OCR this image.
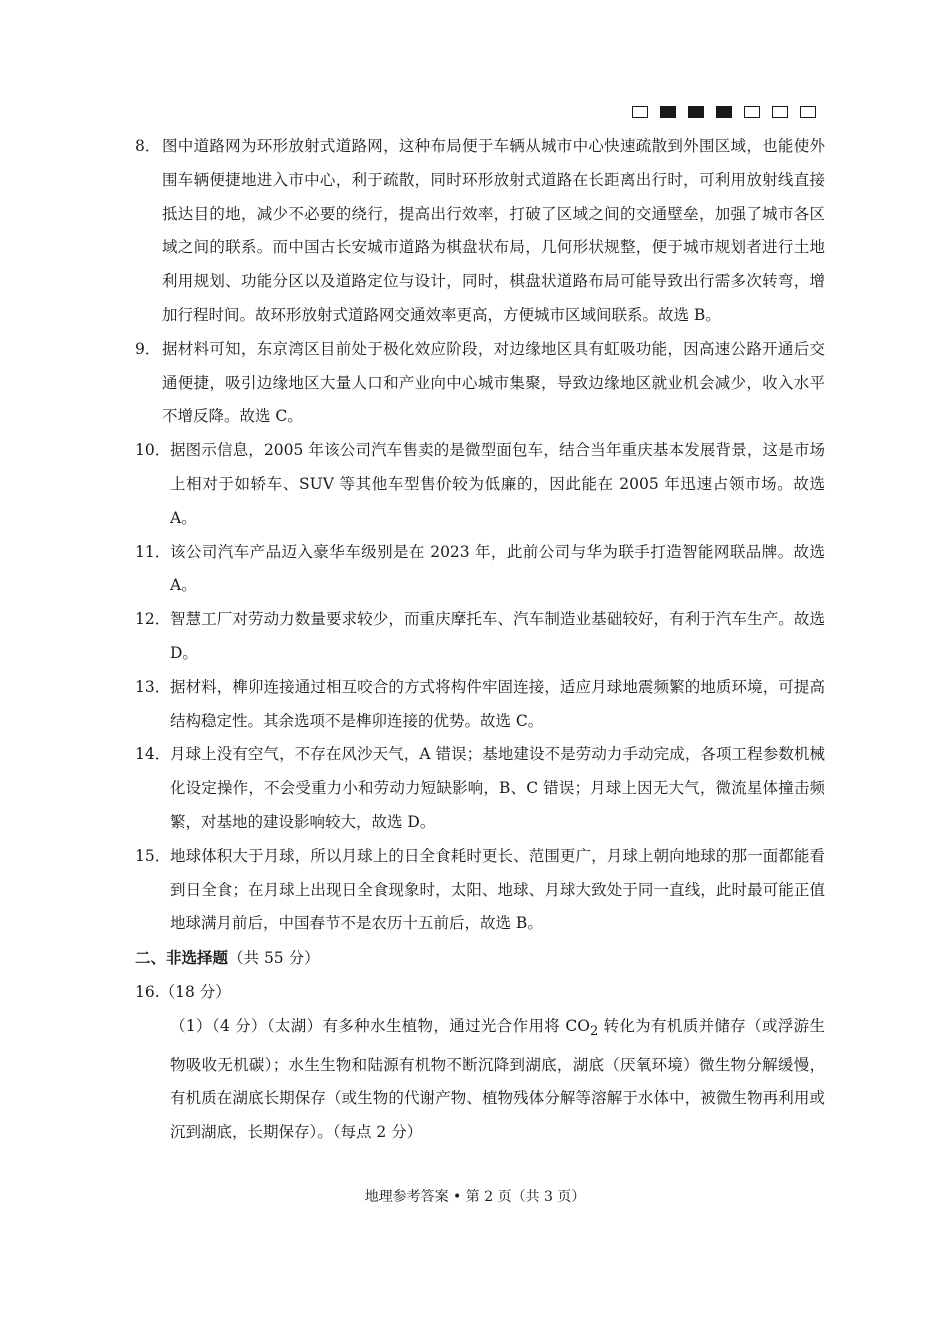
8． 图中道路网为环形放射式道路网，这种布局便于车辆从城市中心快速疏散到外围区域，也能使外围车辆便捷地进入市中心，利于疏散，同时环形放射式道路在长距离出行时，可利用放射线直接抵达目的地，减少不必要的绕行，提高出行效率，打破了区域之间的交通壁垒，加强了城市各区域之间的联系。而中国古长安城市道路为棋盘状布局，几何形状规整，便于城市规划者进行土地利用规划、功能分区以及道路定位与设计，同时，棋盘状道路布局可能导致出行需多次转弯，增加行程时间。故环形放射式道路网交通效率更高，方便城市区域间联系。故选 B。
9． 据材料可知，东京湾区目前处于极化效应阶段，对边缘地区具有虹吸功能，因高速公路开通后交通便捷，吸引边缘地区大量人口和产业向中心城市集聚，导致边缘地区就业机会减少，收入水平不增反降。故选 C。
10． 据图示信息，2005 年该公司汽车售卖的是微型面包车，结合当年重庆基本发展背景，这是市场上相对于如轿车、SUV 等其他车型售价较为低廉的，因此能在 2005 年迅速占领市场。故选 A。
11． 该公司汽车产品迈入豪华车级别是在 2023 年，此前公司与华为联手打造智能网联品牌。故选 A。
12． 智慧工厂对劳动力数量要求较少，而重庆摩托车、汽车制造业基础较好，有利于汽车生产。故选 D。
13． 据材料，榫卯连接通过相互咬合的方式将构件牢固连接，适应月球地震频繁的地质环境，可提高结构稳定性。其余选项不是榫卯连接的优势。故选 C。
14． 月球上没有空气，不存在风沙天气，A 错误；基地建设不是劳动力手动完成，各项工程参数机械化设定操作，不会受重力小和劳动力短缺影响，B、C 错误；月球上因无大气，微流星体撞击频繁，对基地的建设影响较大，故选 D。
15． 地球体积大于月球，所以月球上的日全食耗时更长、范围更广，月球上朝向地球的那一面都能看到日全食；在月球上出现日全食现象时，太阳、地球、月球大致处于同一直线，此时最可能正值地球满月前后，中国春节不是农历十五前后，故选 B。
二、非选择题（共 55 分）
16.（18 分）
（1）（4 分）（太湖）有多种水生植物，通过光合作用将 $CO_2$ 转化为有机质并储存（或浮游生物吸收无机碳）；水生生物和陆源有机物不断沉降到湖底，湖底（厌氧环境）微生物分解缓慢，有机质在湖底长期保存（或生物的代谢产物、植物残体分解等溶解于水体中，被微生物再利用或沉到湖底，长期保存）。（每点 2 分）
地理参考答案 • 第 2 页（共 3 页）
